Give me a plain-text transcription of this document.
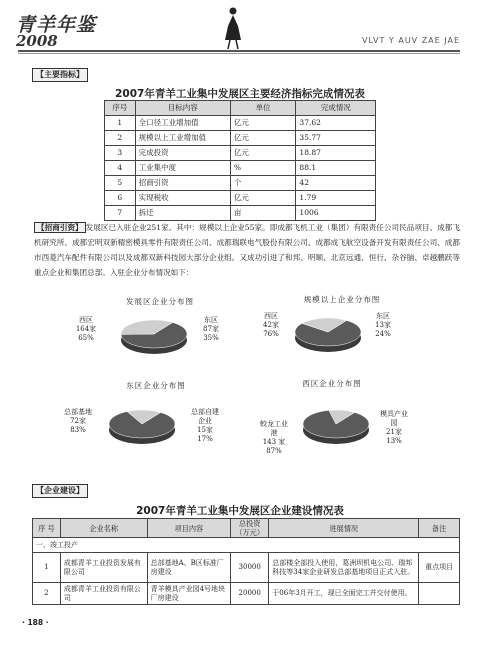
青羊年鉴
2008	VLVT Y AUV ZAE JAE
【主要指标】
2007年青羊工业集中发展区主要经济指标完成情况表
序号	目标内容	单位	完成情况
1	全口径工业增加值	亿元	37.62
2	规模以上工业增加值	亿元	35.77
3	完成投资	亿元	18.87
4	工业集中度	%	88.1
5	招商引资	个	42
6	实现税收	亿元	1.79
7	拆迁	亩	1006
【招商引资】 发展区已入驻企业251家。其中：规模以上企业55家。即成都飞机工业（集团）有限责任公司民品项目、成都飞机研究所、成都宏明双新精密模具零件有限责任公司、成都瑞联电气股份有限公司、成都成飞航空设备开发有限责任公司、成都市西菱汽车配件有限公司以及成都双新科技园大部分企业组。又成功引进了和邦、明顺、北京远通、恒行、杂谷脑、卓越鹏跃等重点企业和集团总部。入驻企业分布情况如下：
发展区企业分布图
西区
164家
65%
东区
87家
35%
规模以上企业分布图
西区
42家
76%
东区
13家
24%
东区企业分布图
总部基地
72家
83%
总部自建
企业
15家
17%
西区企业分布图
蛟龙工业
港
143 家
87%
模具产业
园
21家
13%
【企业建设】
2007年青羊工业集中发展区企业建设情况表
序 号	企业名称	项目内容	总投资（万元）	进展情况	备注
一、竣工投产					
1	成都青羊工业投资发展有限公司	总部基地A、B区标准厂房建设	30000	总部楼全部投入使用，葛洲坝机电公司、瑞邦科技等34家企业研发总部基地项目正式入驻。	重点项目
2	成都青羊工业投资有限公司	青羊模具产业园4号地块厂房建设	20000	于06年3月开工，现已全面完工并交付使用。	
· 188 ·
